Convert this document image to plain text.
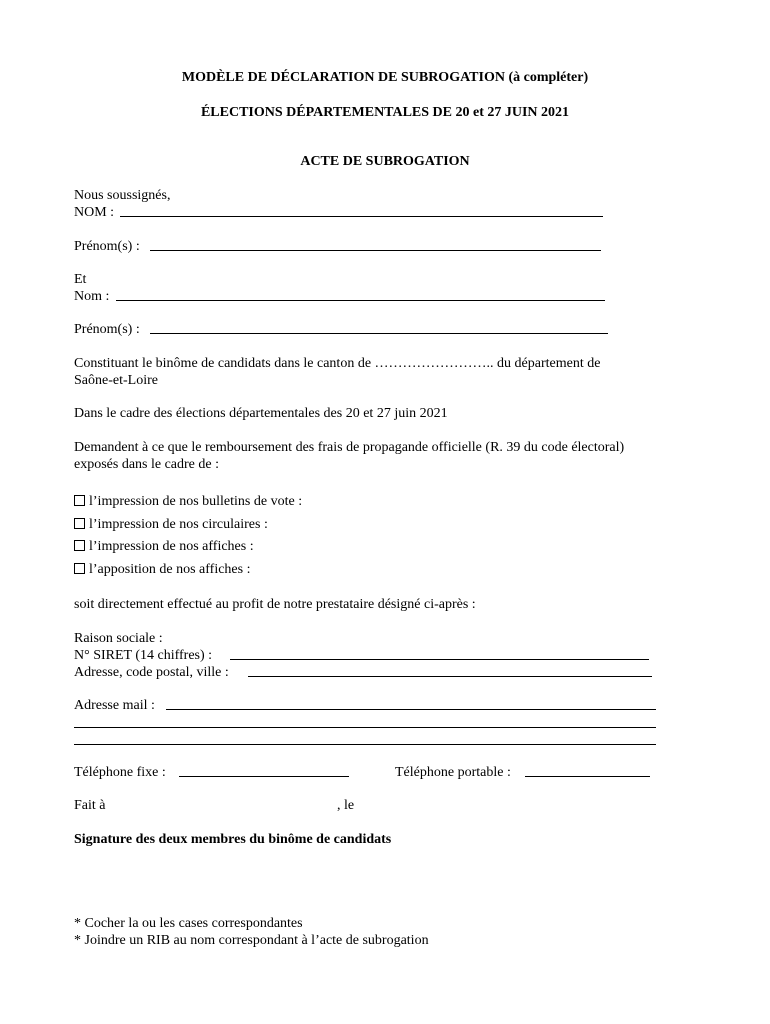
MODÈLE DE DÉCLARATION DE SUBROGATION (à compléter)
ÉLECTIONS DÉPARTEMENTALES DE 20 et 27 JUIN 2021
ACTE DE SUBROGATION
Nous soussignés,
NOM :
Prénom(s) :
Et
Nom :
Prénom(s) :
Constituant le binôme de candidats dans le canton de …………………….. du département de
Saône-et-Loire
Dans le cadre des élections départementales des 20 et 27 juin 2021
Demandent à ce que le remboursement des frais de propagande officielle (R. 39 du code électoral)
exposés dans le cadre de :
l’impression de nos bulletins de vote :
l’impression de nos circulaires :
l’impression de nos affiches :
l’apposition de nos affiches :
soit directement effectué au profit de notre prestataire désigné ci-après :
Raison sociale :
N° SIRET (14 chiffres) :
Adresse, code postal, ville :
Adresse mail :
Téléphone fixe :	Téléphone portable :
Fait à	, le
Signature des deux membres du binôme de candidats
* Cocher la ou les cases correspondantes
* Joindre un RIB au nom correspondant à l’acte de subrogation
